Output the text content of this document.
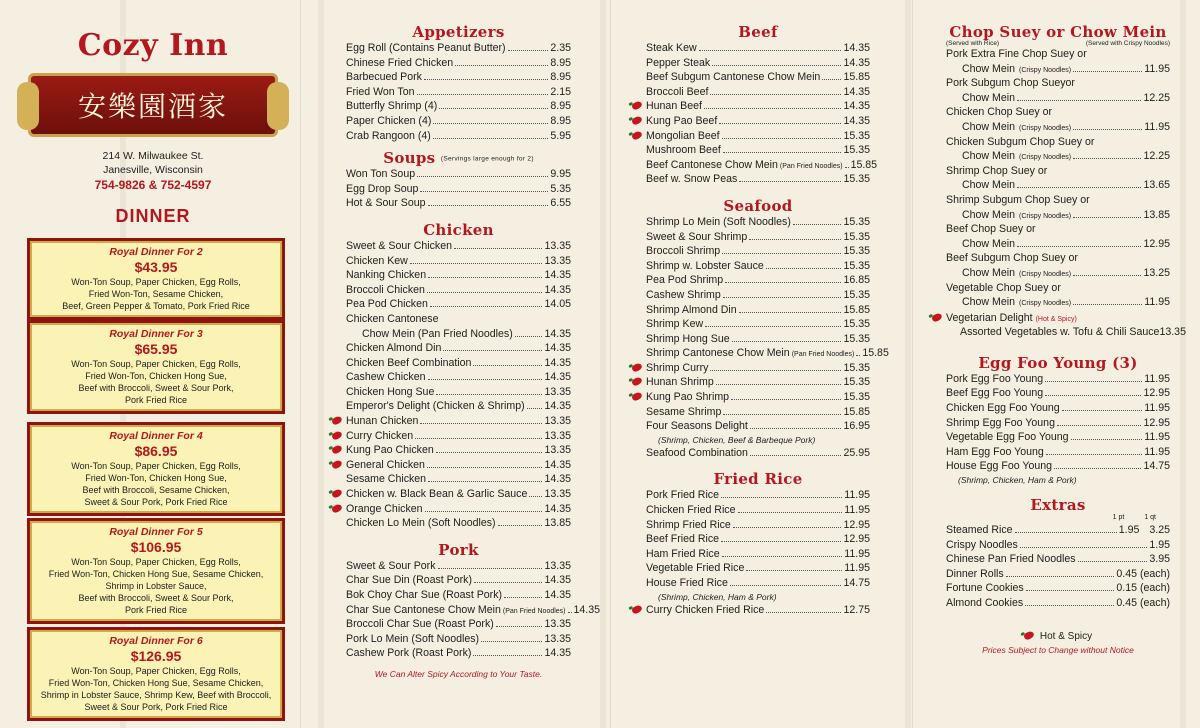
Cozy Inn
安樂園酒家
214 W. Milwaukee St.
Janesville, Wisconsin
754-9826 & 752-4597
DINNER
Royal Dinner For 2
$43.95
Won-Ton Soup, Paper Chicken, Egg Rolls,
Fried Won-Ton, Sesame Chicken,
Beef, Green Pepper & Tomato, Pork Fried Rice
Royal Dinner For 3
$65.95
Won-Ton Soup, Paper Chicken, Egg Rolls,
Fried Won-Ton, Chicken Hong Sue,
Beef with Broccoli, Sweet & Sour Pork,
Pork Fried Rice
Royal Dinner For 4
$86.95
Won-Ton Soup, Paper Chicken, Egg Rolls,
Fried Won-Ton, Chicken Hong Sue,
Beef with Broccoli, Sesame Chicken,
Sweet & Sour Pork, Pork Fried Rice
Royal Dinner For 5
$106.95
Won-Ton Soup, Paper Chicken, Egg Rolls,
Fried Won-Ton, Chicken Hong Sue, Sesame Chicken,
Shrimp in Lobster Sauce,
Beef with Broccoli, Sweet & Sour Pork,
Pork Fried Rice
Royal Dinner For 6
$126.95
Won-Ton Soup, Paper Chicken, Egg Rolls,
Fried Won-Ton, Chicken Hong Sue, Sesame Chicken,
Shrimp in Lobster Sauce, Shrimp Kew, Beef with Broccoli,
Sweet & Sour Pork, Pork Fried Rice
Appetizers
Egg Roll (Contains Peanut Butter)	2.35
Chinese Fried Chicken	8.95
Barbecued Pork	8.95
Fried Won Ton	2.15
Butterfly Shrimp (4)	8.95
Paper Chicken (4)	8.95
Crab Rangoon (4)	5.95
Soups (Servings large enough for 2)
Won Ton Soup	9.95
Egg Drop Soup	5.35
Hot & Sour Soup	6.55
Chicken
Sweet & Sour Chicken	13.35
Chicken Kew	13.35
Nanking Chicken	14.35
Broccoli Chicken	14.35
Pea Pod Chicken	14.05
Chicken Cantonese
Chow Mein (Pan Fried Noodles)	14.35
Chicken Almond Din	14.35
Chicken Beef Combination	14.35
Cashew Chicken	14.35
Chicken Hong Sue	13.35
Emperor's Delight (Chicken & Shrimp) 14.35
Hunan Chicken	13.35
Curry Chicken	13.35
Kung Pao Chicken	13.35
General Chicken	14.35
Sesame Chicken	14.35
Chicken w. Black Bean & Garlic Sauce 13.35
Orange Chicken	14.35
Chicken Lo Mein (Soft Noodles)	13.85
Pork
Sweet & Sour Pork	13.35
Char Sue Din (Roast Pork)	14.35
Bok Choy Char Sue (Roast Pork)	14.35
Char Sue Cantonese Chow Mein (Pan Fried Noodles) 14.35
Broccoli Char Sue (Roast Pork)	13.35
Pork Lo Mein (Soft Noodles)	13.35
Cashew Pork (Roast Pork)	14.35
We Can Alter Spicy According to Your Taste.
Beef
Steak Kew	14.35
Pepper Steak	14.35
Beef Subgum Cantonese Chow Mein 15.85
Broccoli Beef	14.35
Hunan Beef	14.35
Kung Pao Beef	14.35
Mongolian Beef	15.35
Mushroom Beef	15.35
Beef Cantonese Chow Mein (Pan Fried Noodles) 15.85
Beef w. Snow Peas	15.35
Seafood
Shrimp Lo Mein (Soft Noodles)	15.35
Sweet & Sour Shrimp	15.35
Broccoli Shrimp	15.35
Shrimp w. Lobster Sauce	15.35
Pea Pod Shrimp	16.85
Cashew Shrimp	15.35
Shrimp Almond Din	15.85
Shrimp Kew	15.35
Shrimp Hong Sue	15.35
Shrimp Cantonese Chow Mein (Pan Fried Noodles) 15.85
Shrimp Curry	15.35
Hunan Shrimp	15.35
Kung Pao Shrimp	15.35
Sesame Shrimp	15.85
Four Seasons Delight	16.95
(Shrimp, Chicken, Beef & Barbeque Pork)
Seafood Combination	25.95
Fried Rice
Pork Fried Rice	11.95
Chicken Fried Rice	11.95
Shrimp Fried Rice	12.95
Beef Fried Rice	12.95
Ham Fried Rice	11.95
Vegetable Fried Rice	11.95
House Fried Rice	14.75
(Shrimp, Chicken, Ham & Pork)
Curry Chicken Fried Rice	12.75
Chop Suey or Chow Mein
(Served with Rice)	(Served with Crispy Noodles)
Pork Extra Fine Chop Suey or
Chow Mein (Crispy Noodles)	11.95
Pork Subgum Chop Sueyor
Chow Mein	12.25
Chicken Chop Suey or
Chow Mein (Crispy Noodles)	11.95
Chicken Subgum Chop Suey or
Chow Mein (Crispy Noodles)	12.25
Shrimp Chop Suey or
Chow Mein	13.65
Shrimp Subgum Chop Suey or
Chow Mein (Crispy Noodles)	13.85
Beef Chop Suey or
Chow Mein	12.95
Beef Subgum Chop Suey or
Chow Mein (Crispy Noodles)	13.25
Vegetable Chop Suey or
Chow Mein (Crispy Noodles)	11.95
Vegetarian Delight (Hot & Spicy)
Assorted Vegetables w. Tofu & Chili Sauce 13.35
Egg Foo Young (3)
Pork Egg Foo Young	11.95
Beef Egg Foo Young	12.95
Chicken Egg Foo Young	11.95
Shrimp Egg Foo Young	12.95
Vegetable Egg Foo Young	11.95
Ham Egg Foo Young	11.95
House Egg Foo Young	14.75
(Shrimp, Chicken, Ham & Pork)
Extras
1 pt	1 qt
Steamed Rice	1.95 3.25
Crispy Noodles	1.95
Chinese Pan Fried Noodles	3.95
Dinner Rolls	0.45 (each)
Fortune Cookies	0.15 (each)
Almond Cookies	0.45 (each)
Hot & Spicy
Prices Subject to Change without Notice
